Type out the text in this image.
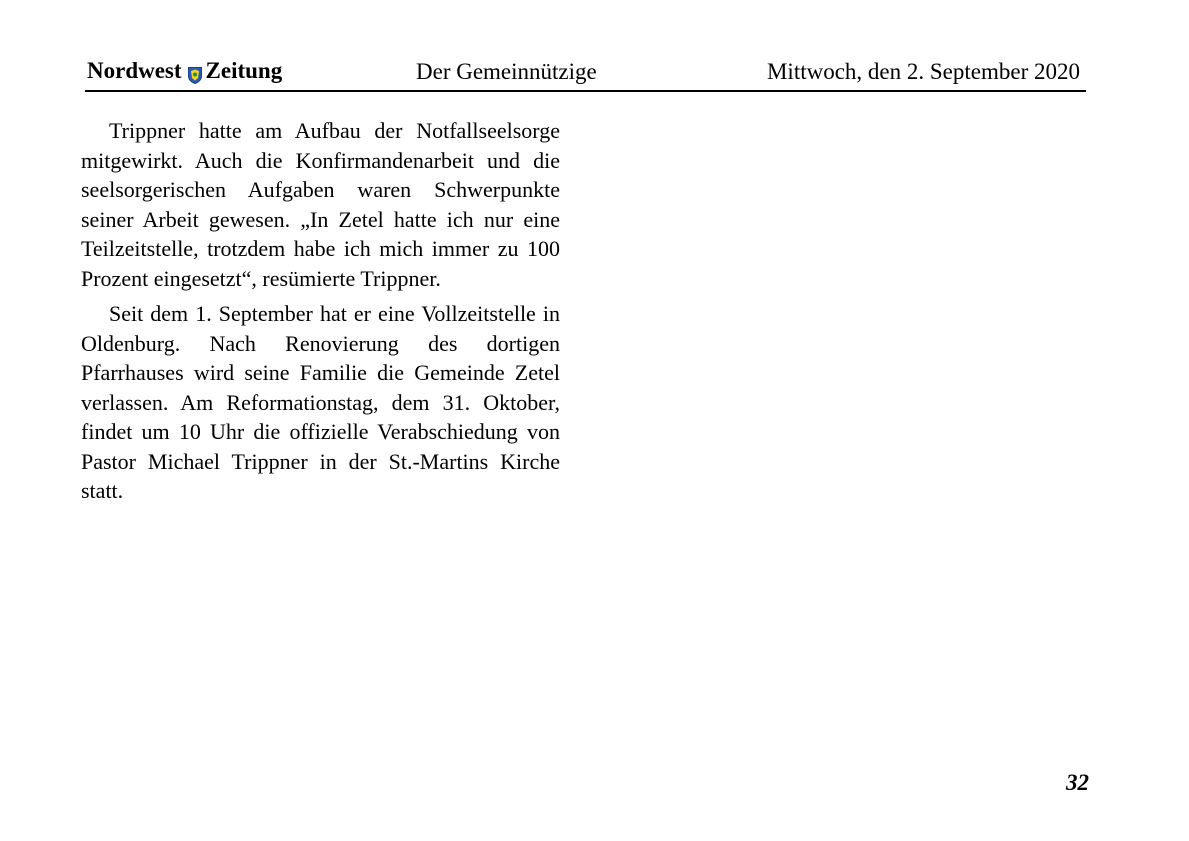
Nordwest Zeitung	Der Gemeinnützige	Mittwoch, den 2. September 2020

Trippner hatte am Aufbau der Notfallseelsorge mitgewirkt. Auch die Konfirmandenarbeit und die seelsorgerischen Aufgaben waren Schwerpunkte seiner Arbeit gewesen. „In Zetel hatte ich nur eine Teilzeitstelle, trotzdem habe ich mich immer zu 100 Prozent eingesetzt“, resümierte Trippner.

Seit dem 1. September hat er eine Vollzeitstelle in Oldenburg. Nach Renovierung des dortigen Pfarrhauses wird seine Familie die Gemeinde Zetel verlassen. Am Reformationstag, dem 31. Oktober, findet um 10 Uhr die offizielle Verabschiedung von Pastor Michael Trippner in der St.-Martins Kirche statt.

32
